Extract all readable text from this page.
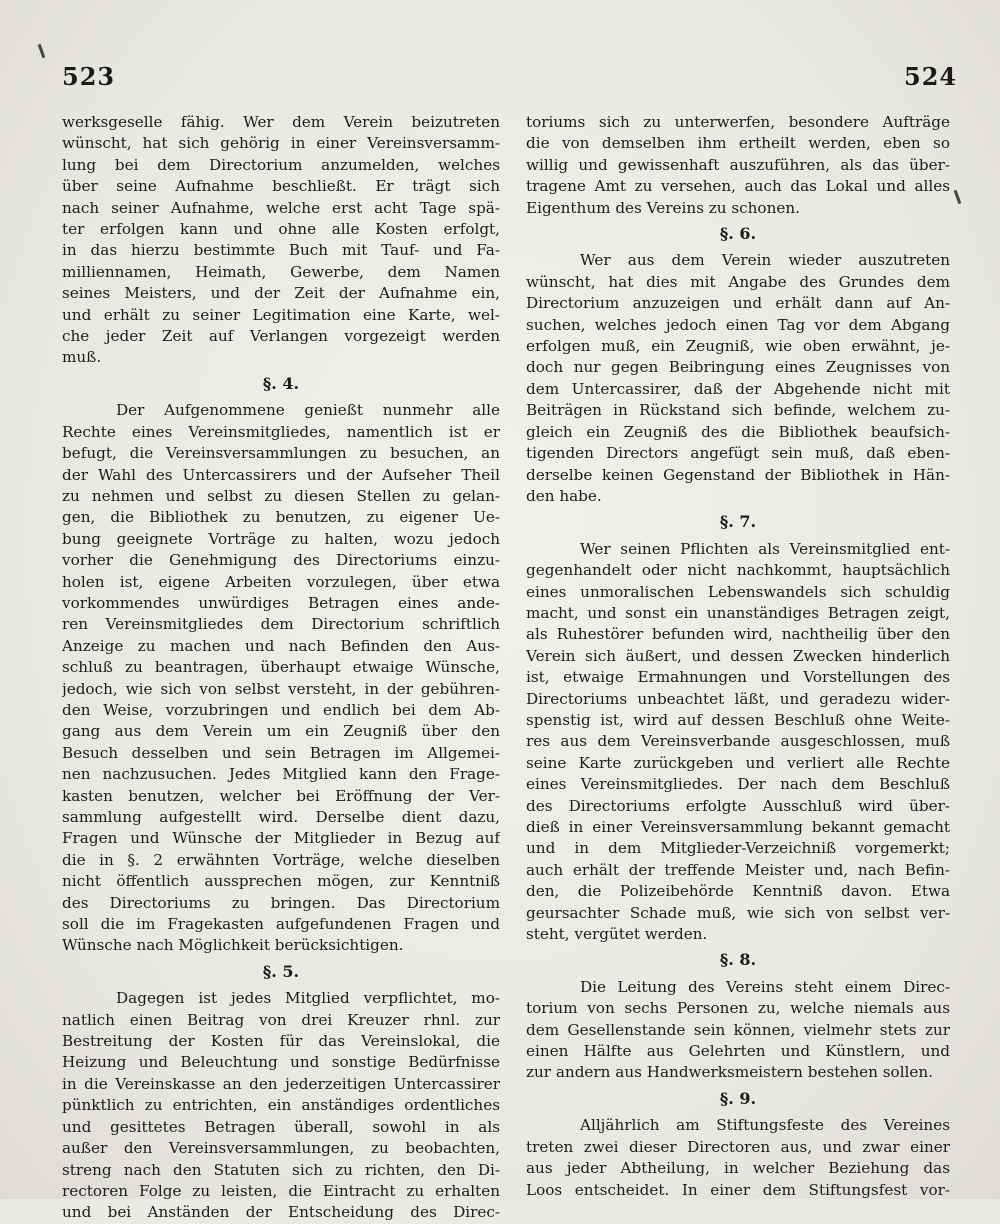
523	524
werksgeselle fähig. Wer dem Verein beizutreten
wünscht, hat sich gehörig in einer Vereinsversamm-
lung bei dem Directorium anzumelden, welches
über seine Aufnahme beschließt. Er trägt sich
nach seiner Aufnahme, welche erst acht Tage spä-
ter erfolgen kann und ohne alle Kosten erfolgt,
in das hierzu bestimmte Buch mit Tauf- und Fa-
milliennamen, Heimath, Gewerbe, dem Namen
seines Meisters, und der Zeit der Aufnahme ein,
und erhält zu seiner Legitimation eine Karte, wel-
che jeder Zeit auf Verlangen vorgezeigt werden
muß.
§. 4.
Der Aufgenommene genießt nunmehr alle
Rechte eines Vereinsmitgliedes, namentlich ist er
befugt, die Vereinsversammlungen zu besuchen, an
der Wahl des Untercassirers und der Aufseher Theil
zu nehmen und selbst zu diesen Stellen zu gelan-
gen, die Bibliothek zu benutzen, zu eigener Ue-
bung geeignete Vorträge zu halten, wozu jedoch
vorher die Genehmigung des Directoriums einzu-
holen ist, eigene Arbeiten vorzulegen, über etwa
vorkommendes unwürdiges Betragen eines ande-
ren Vereinsmitgliedes dem Directorium schriftlich
Anzeige zu machen und nach Befinden den Aus-
schluß zu beantragen, überhaupt etwaige Wünsche,
jedoch, wie sich von selbst versteht, in der gebühren-
den Weise, vorzubringen und endlich bei dem Ab-
gang aus dem Verein um ein Zeugniß über den
Besuch desselben und sein Betragen im Allgemei-
nen nachzusuchen. Jedes Mitglied kann den Frage-
kasten benutzen, welcher bei Eröffnung der Ver-
sammlung aufgestellt wird. Derselbe dient dazu,
Fragen und Wünsche der Mitglieder in Bezug auf
die in §. 2 erwähnten Vorträge, welche dieselben
nicht öffentlich aussprechen mögen, zur Kenntniß
des Directoriums zu bringen. Das Directorium
soll die im Fragekasten aufgefundenen Fragen und
Wünsche nach Möglichkeit berücksichtigen.
§. 5.
Dagegen ist jedes Mitglied verpflichtet, mo-
natlich einen Beitrag von drei Kreuzer rhnl. zur
Bestreitung der Kosten für das Vereinslokal, die
Heizung und Beleuchtung und sonstige Bedürfnisse
in die Vereinskasse an den jederzeitigen Untercassirer
pünktlich zu entrichten, ein anständiges ordentliches
und gesittetes Betragen überall, sowohl in als
außer den Vereinsversammlungen, zu beobachten,
streng nach den Statuten sich zu richten, den Di-
rectoren Folge zu leisten, die Eintracht zu erhalten
und bei Anständen der Entscheidung des Direc-
toriums sich zu unterwerfen, besondere Aufträge
die von demselben ihm ertheilt werden, eben so
willig und gewissenhaft auszuführen, als das über-
tragene Amt zu versehen, auch das Lokal und alles
Eigenthum des Vereins zu schonen.
§. 6.
Wer aus dem Verein wieder auszutreten
wünscht, hat dies mit Angabe des Grundes dem
Directorium anzuzeigen und erhält dann auf An-
suchen, welches jedoch einen Tag vor dem Abgang
erfolgen muß, ein Zeugniß, wie oben erwähnt, je-
doch nur gegen Beibringung eines Zeugnisses von
dem Untercassirer, daß der Abgehende nicht mit
Beiträgen in Rückstand sich befinde, welchem zu-
gleich ein Zeugniß des die Bibliothek beaufsich-
tigenden Directors angefügt sein muß, daß eben-
derselbe keinen Gegenstand der Bibliothek in Hän-
den habe.
§. 7.
Wer seinen Pflichten als Vereinsmitglied ent-
gegenhandelt oder nicht nachkommt, hauptsächlich
eines unmoralischen Lebenswandels sich schuldig
macht, und sonst ein unanständiges Betragen zeigt,
als Ruhestörer befunden wird, nachtheilig über den
Verein sich äußert, und dessen Zwecken hinderlich
ist, etwaige Ermahnungen und Vorstellungen des
Directoriums unbeachtet läßt, und geradezu wider-
spenstig ist, wird auf dessen Beschluß ohne Weite-
res aus dem Vereinsverbande ausgeschlossen, muß
seine Karte zurückgeben und verliert alle Rechte
eines Vereinsmitgliedes. Der nach dem Beschluß
des Directoriums erfolgte Ausschluß wird über-
dieß in einer Vereinsversammlung bekannt gemacht
und in dem Mitglieder-Verzeichniß vorgemerkt;
auch erhält der treffende Meister und, nach Befin-
den, die Polizeibehörde Kenntniß davon. Etwa
geursachter Schade muß, wie sich von selbst ver-
steht, vergütet werden.
§. 8.
Die Leitung des Vereins steht einem Direc-
torium von sechs Personen zu, welche niemals aus
dem Gesellenstande sein können, vielmehr stets zur
einen Hälfte aus Gelehrten und Künstlern, und
zur andern aus Handwerksmeistern bestehen sollen.
§. 9.
Alljährlich am Stiftungsfeste des Vereines
treten zwei dieser Directoren aus, und zwar einer
aus jeder Abtheilung, in welcher Beziehung das
Loos entscheidet. In einer dem Stiftungsfest vor-
